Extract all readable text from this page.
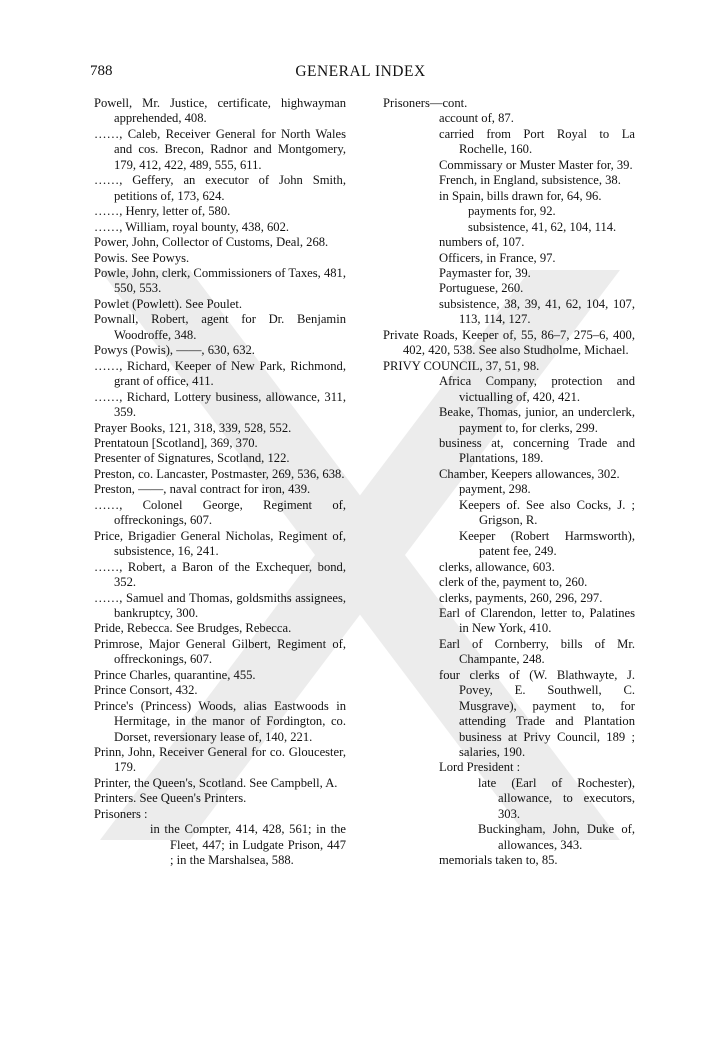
788	GENERAL INDEX

Powell, Mr. Justice, certificate, highwayman apprehended, 408.

……, Caleb, Receiver General for North Wales and cos. Brecon, Radnor and Montgomery, 179, 412, 422, 489, 555, 611.

……, Geffery, an executor of John Smith, petitions of, 173, 624.

……, Henry, letter of, 580.

……, William, royal bounty, 438, 602.

Power, John, Collector of Customs, Deal, 268.

Powis. See Powys.

Powle, John, clerk, Commissioners of Taxes, 481, 550, 553.

Powlet (Powlett). See Poulet.

Pownall, Robert, agent for Dr. Benjamin Woodroffe, 348.

Powys (Powis), ——, 630, 632.

……, Richard, Keeper of New Park, Richmond, grant of office, 411.

……, Richard, Lottery business, allowance, 311, 359.

Prayer Books, 121, 318, 339, 528, 552.

Prentatoun [Scotland], 369, 370.

Presenter of Signatures, Scotland, 122.

Preston, co. Lancaster, Postmaster, 269, 536, 638.

Preston, ——, naval contract for iron, 439.

……, Colonel George, Regiment of, offreckonings, 607.

Price, Brigadier General Nicholas, Regiment of, subsistence, 16, 241.

……, Robert, a Baron of the Exchequer, bond, 352.

……, Samuel and Thomas, goldsmiths assignees, bankruptcy, 300.

Pride, Rebecca. See Brudges, Rebecca.

Primrose, Major General Gilbert, Regiment of, offreckonings, 607.

Prince Charles, quarantine, 455.

Prince Consort, 432.

Prince's (Princess) Woods, alias Eastwoods in Hermitage, in the manor of Fordington, co. Dorset, reversionary lease of, 140, 221.

Prinn, John, Receiver General for co. Gloucester, 179.

Printer, the Queen's, Scotland. See Campbell, A.

Printers. See Queen's Printers.

Prisoners :

in the Compter, 414, 428, 561; in the Fleet, 447; in Ludgate Prison, 447 ; in the Marshalsea, 588.

Prisoners—cont.

account of, 87.

carried from Port Royal to La Rochelle, 160.

Commissary or Muster Master for, 39.

French, in England, subsistence, 38.

in Spain, bills drawn for, 64, 96.

payments for, 92.

subsistence, 41, 62, 104, 114.

numbers of, 107.

Officers, in France, 97.

Paymaster for, 39.

Portuguese, 260.

subsistence, 38, 39, 41, 62, 104, 107, 113, 114, 127.

Private Roads, Keeper of, 55, 86–7, 275–6, 400, 402, 420, 538. See also Studholme, Michael.

PRIVY COUNCIL, 37, 51, 98.

Africa Company, protection and victualling of, 420, 421.

Beake, Thomas, junior, an underclerk, payment to, for clerks, 299.

business at, concerning Trade and Plantations, 189.

Chamber, Keepers allowances, 302.

payment, 298.

Keepers of. See also Cocks, J. ; Grigson, R.

Keeper (Robert Harmsworth), patent fee, 249.

clerks, allowance, 603.

clerk of the, payment to, 260.

clerks, payments, 260, 296, 297.

Earl of Clarendon, letter to, Palatines in New York, 410.

Earl of Cornberry, bills of Mr. Champante, 248.

four clerks of (W. Blathwayte, J. Povey, E. Southwell, C. Musgrave), payment to, for attending Trade and Plantation business at Privy Council, 189 ; salaries, 190.

Lord President :

late (Earl of Rochester), allowance, to executors, 303.

Buckingham, John, Duke of, allowances, 343.

memorials taken to, 85.
